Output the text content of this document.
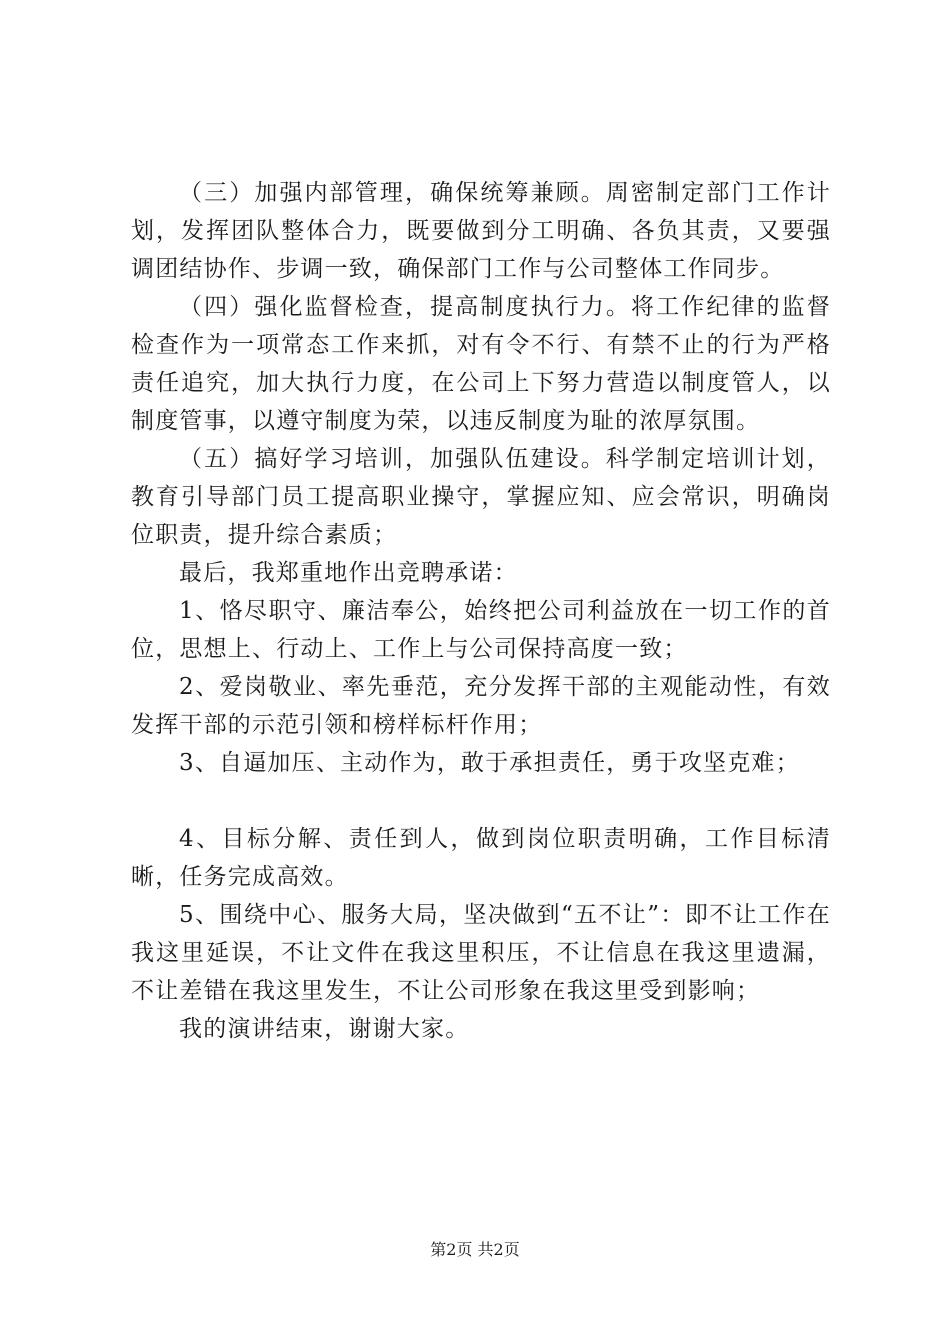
（三）加强内部管理，确保统筹兼顾。周密制定部门工作计划，发挥团队整体合力，既要做到分工明确、各负其责，又要强调团结协作、步调一致，确保部门工作与公司整体工作同步。

（四）强化监督检查，提高制度执行力。将工作纪律的监督检查作为一项常态工作来抓，对有令不行、有禁不止的行为严格责任追究，加大执行力度，在公司上下努力营造以制度管人，以制度管事，以遵守制度为荣，以违反制度为耻的浓厚氛围。

（五）搞好学习培训，加强队伍建设。科学制定培训计划，教育引导部门员工提高职业操守，掌握应知、应会常识，明确岗位职责，提升综合素质；

最后，我郑重地作出竞聘承诺：

1、恪尽职守、廉洁奉公，始终把公司利益放在一切工作的首位，思想上、行动上、工作上与公司保持高度一致；

2、爱岗敬业、率先垂范，充分发挥干部的主观能动性，有效发挥干部的示范引领和榜样标杆作用；

3、自逼加压、主动作为，敢于承担责任，勇于攻坚克难；

4、目标分解、责任到人，做到岗位职责明确，工作目标清晰，任务完成高效。

5、围绕中心、服务大局，坚决做到“五不让”：即不让工作在我这里延误，不让文件在我这里积压，不让信息在我这里遗漏，不让差错在我这里发生，不让公司形象在我这里受到影响；

我的演讲结束，谢谢大家。

第2页 共2页
